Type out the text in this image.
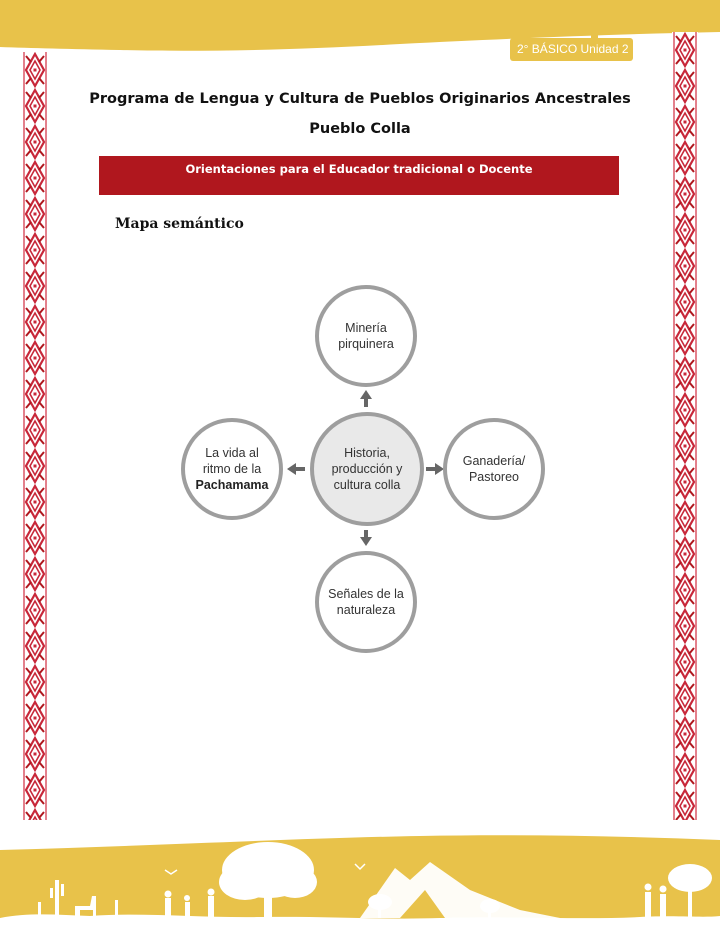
2° BÁSICO Unidad 2
Programa de Lengua y Cultura de Pueblos Originarios Ancestrales
Pueblo Colla
Orientaciones para el Educador tradicional o Docente
Mapa semántico
Historia,
producción y
cultura colla
Minería
pirquinera
Ganadería/
Pastoreo
Señales de la
naturaleza
La vida al
ritmo de la
Pachamama
